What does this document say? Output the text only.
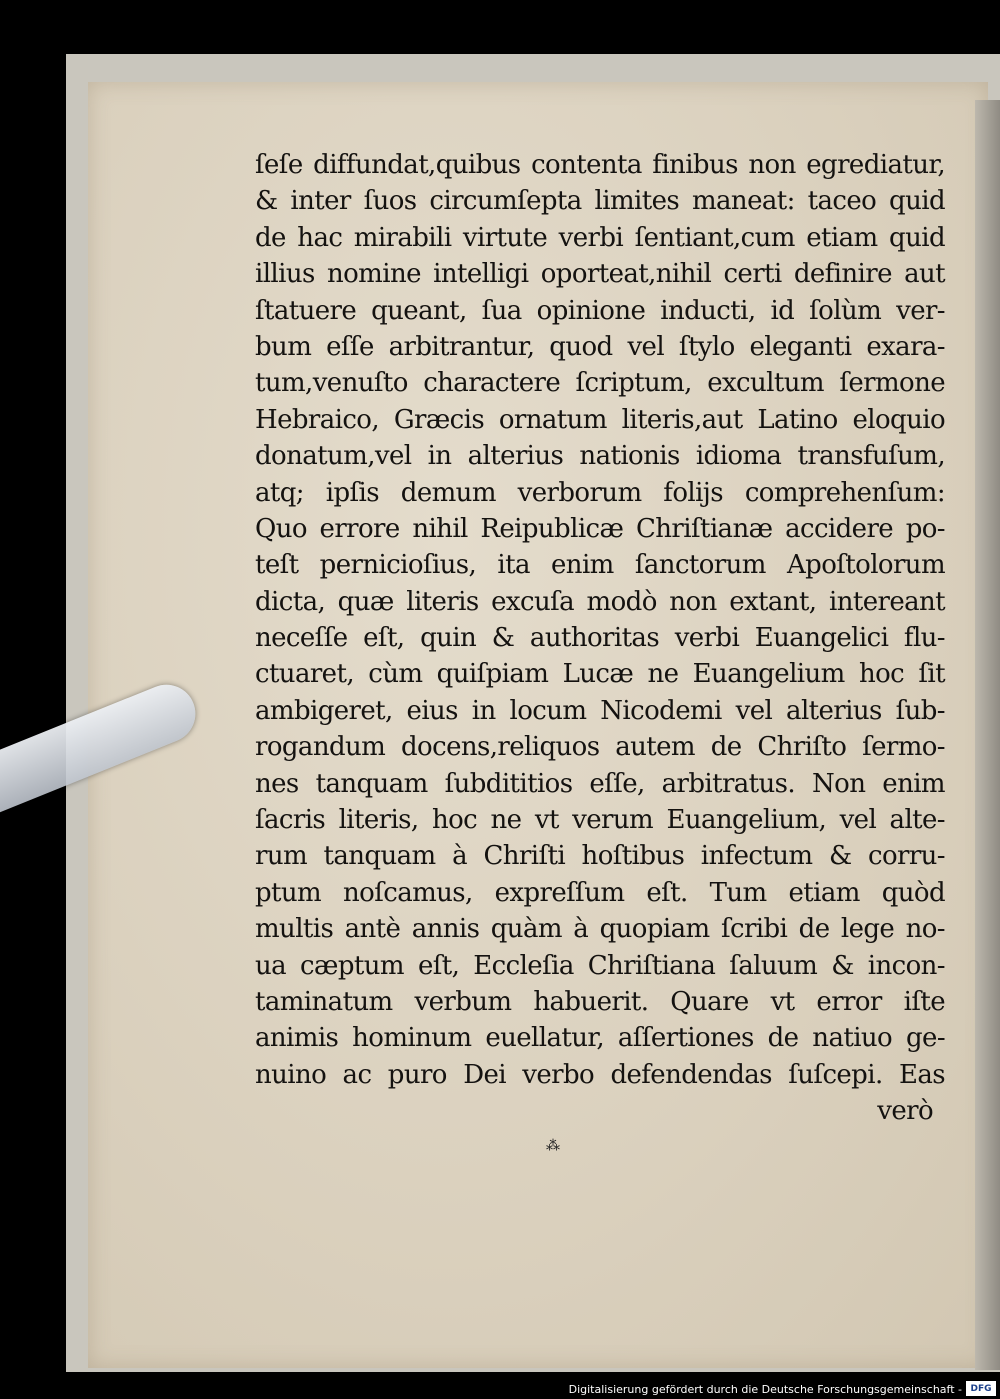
ſeſe diffundat,quibus contenta finibus non egrediatur,
& inter ſuos circumſepta limites maneat: taceo quid
de hac mirabili virtute verbi ſentiant,cum etiam quid
illius nomine intelligi oporteat,nihil certi definire aut
ſtatuere queant, ſua opinione inducti, id ſolùm ver-
bum eſſe arbitrantur, quod vel ſtylo eleganti exara-
tum,venuſto charactere ſcriptum, excultum ſermone
Hebraico, Græcis ornatum literis,aut Latino eloquio
donatum,vel in alterius nationis idioma transfuſum,
atq; ipſis demum verborum folijs comprehenſum:
Quo errore nihil Reipublicæ Chriſtianæ accidere po-
teſt pernicioſius, ita enim ſanctorum Apoſtolorum
dicta, quæ literis excuſa modò non extant, intereant
neceſſe eſt, quin & authoritas verbi Euangelici flu-
ctuaret, cùm quiſpiam Lucæ ne Euangelium hoc ſit
ambigeret, eius in locum Nicodemi vel alterius ſub-
rogandum docens,reliquos autem de Chriſto ſermo-
nes tanquam ſubdititios eſſe, arbitratus. Non enim
ſacris literis, hoc ne vt verum Euangelium, vel alte-
rum tanquam à Chriſti hoſtibus infectum & corru-
ptum noſcamus, expreſſum eſt. Tum etiam quòd
multis antè annis quàm à quopiam ſcribi de lege no-
ua cæptum eſt, Eccleſia Chriſtiana ſaluum & incon-
taminatum verbum habuerit. Quare vt error iſte
animis hominum euellatur, aſſertiones de natiuo ge-
nuino ac puro Dei verbo defendendas ſuſcepi. Eas
verò
⁂
Digitalisierung gefördert durch die Deutsche Forschungsgemeinschaft - DFG
